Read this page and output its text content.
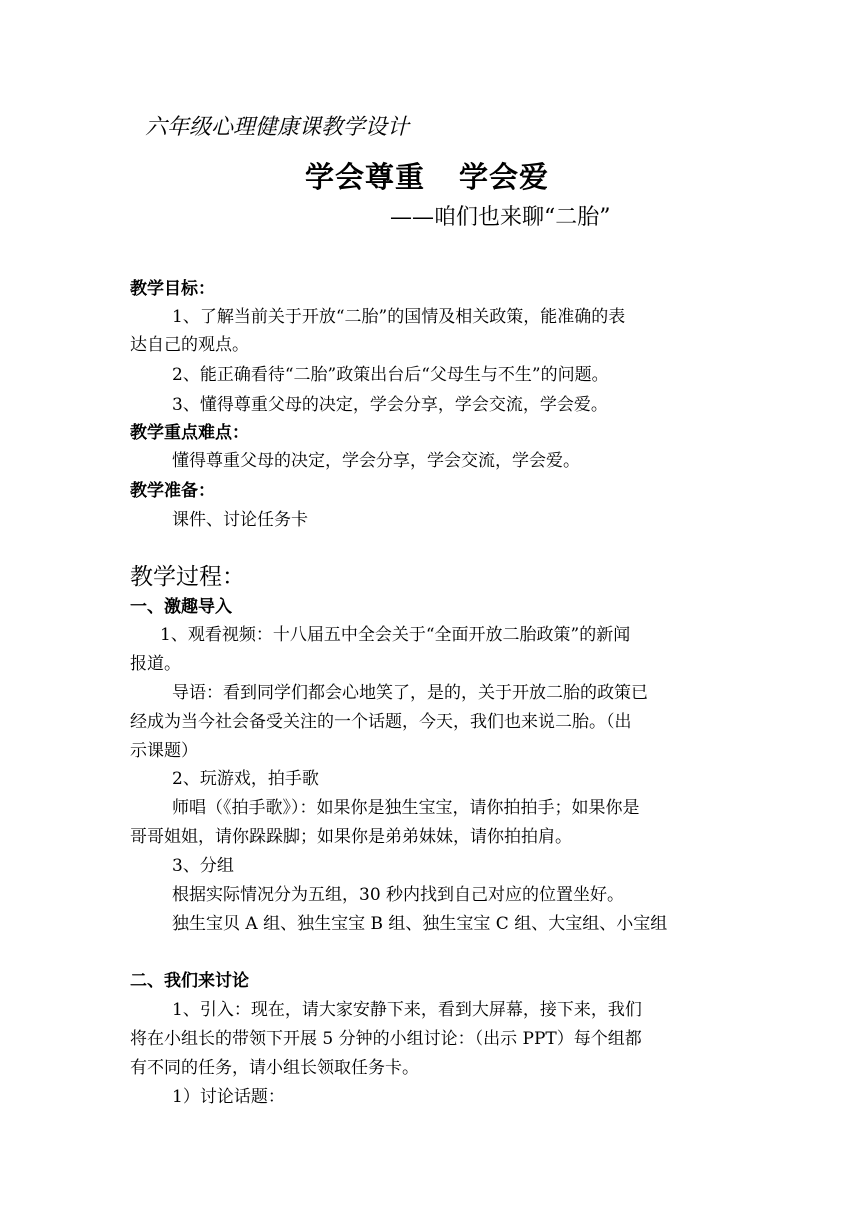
六年级心理健康课教学设计
学会尊重 学会爱
——咱们也来聊“二胎”
教学目标：
1、了解当前关于开放“二胎”的国情及相关政策，能准确的表
达自己的观点。
2、能正确看待“二胎”政策出台后“父母生与不生”的问题。
3、懂得尊重父母的决定，学会分享，学会交流，学会爱。
教学重点难点：
懂得尊重父母的决定，学会分享，学会交流，学会爱。
教学准备：
课件、讨论任务卡
教学过程：
一、激趣导入
1、观看视频：十八届五中全会关于“全面开放二胎政策”的新闻
报道。
导语：看到同学们都会心地笑了，是的，关于开放二胎的政策已
经成为当今社会备受关注的一个话题，今天，我们也来说二胎。（出
示课题）
2、玩游戏，拍手歌
师唱（《拍手歌》）：如果你是独生宝宝，请你拍拍手；如果你是
哥哥姐姐，请你跺跺脚；如果你是弟弟妹妹，请你拍拍肩。
3、分组
根据实际情况分为五组，30 秒内找到自己对应的位置坐好。
独生宝贝 A 组、独生宝宝 B 组、独生宝宝 C 组、大宝组、小宝组
二、我们来讨论
1、引入：现在，请大家安静下来，看到大屏幕，接下来，我们
将在小组长的带领下开展 5 分钟的小组讨论：（出示 PPT）每个组都
有不同的任务，请小组长领取任务卡。
1）讨论话题：
